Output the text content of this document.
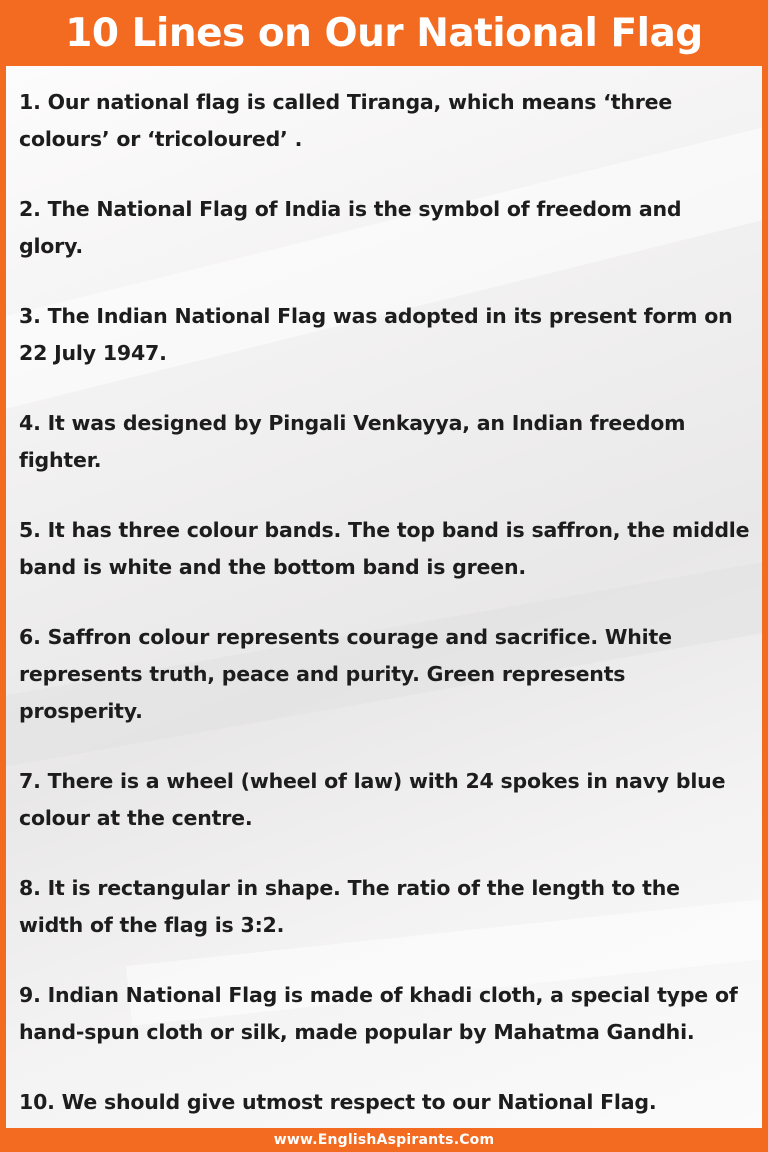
10 Lines on Our National Flag
1. Our national flag is called Tiranga, which means ‘three colours’ or ‘tricoloured’ .
2. The National Flag of India is the symbol of freedom and glory.
3. The Indian National Flag was adopted in its present form on 22 July 1947.
4. It was designed by Pingali Venkayya, an Indian freedom fighter.
5. It has three colour bands. The top band is saffron, the middle band is white and the bottom band is green.
6. Saffron colour represents courage and sacrifice. White represents truth, peace and purity. Green represents prosperity.
7. There is a wheel (wheel of law) with 24 spokes in navy blue colour at the centre.
8. It is rectangular in shape. The ratio of the length to the width of the flag is 3:2.
9. Indian National Flag is made of khadi cloth, a special type of hand-spun cloth or silk, made popular by Mahatma Gandhi.
10. We should give utmost respect to our National Flag.
www.EnglishAspirants.Com
